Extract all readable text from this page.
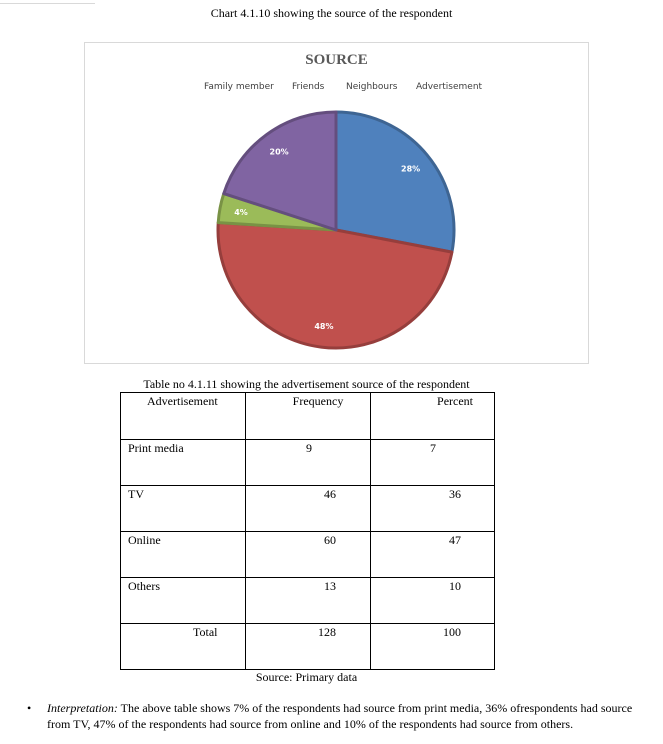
Chart 4.1.10 showing the source of the respondent
SOURCE
Family member Friends Neighbours Advertisement
28%
48%
4%
20%
Table no 4.1.11 showing the advertisement source of the respondent
Advertisement	Frequency	Percent

Print media	9	7

TV	46	36

Online	60	47

Others	13	10

Total	128	100
Source: Primary data
• Interpretation: The above table shows 7% of the respondents had source from print media, 36% ofrespondents had source from TV, 47% of the respondents had source from online and 10% of the respondents had source from others.
